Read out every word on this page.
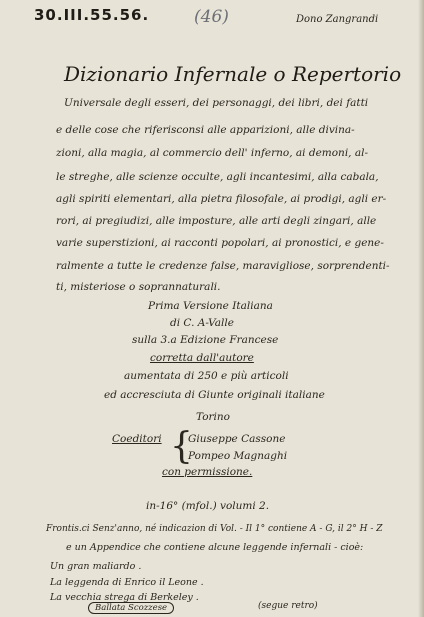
30.III.55.56.	(46)	Dono Zangrandi
Dizionario Infernale o Repertorio
Universale degli esseri, dei personaggi, dei libri, dei fatti
e delle cose che riferisconsi alle apparizioni, alle divina-
zioni, alla magia, al commercio dell' inferno, ai demoni, al-
le streghe, alle scienze occulte, agli incantesimi, alla cabala,
agli spiriti elementari, alla pietra filosofale, ai prodigi, agli er-
rori, ai pregiudizi, alle imposture, alle arti degli zingari, alle
varie superstizioni, ai racconti popolari, ai pronostici, e gene-
ralmente a tutte le credenze false, maravigliose, sorprendenti-
ti, misteriose o soprannaturali.
Prima Versione Italiana
di C. A-Valle
sulla 3.a Edizione Francese
corretta dall'autore
aumentata di 250 e più articoli
ed accresciuta di Giunte originali italiane
Torino
Coeditori {
Giuseppe Cassone
Pompeo Magnaghi
con permissione.
in-16° (mfol.) volumi 2.
Frontis.ci Senz'anno, né indicazion di Vol. - Il 1° contiene A - G, il 2° H - Z
e un Appendice che contiene alcune leggende infernali - cioè:
Un gran maliardo .
La leggenda di Enrico il Leone .
La vecchia strega di Berkeley .
Ballata Scozzese	(segue retro)
